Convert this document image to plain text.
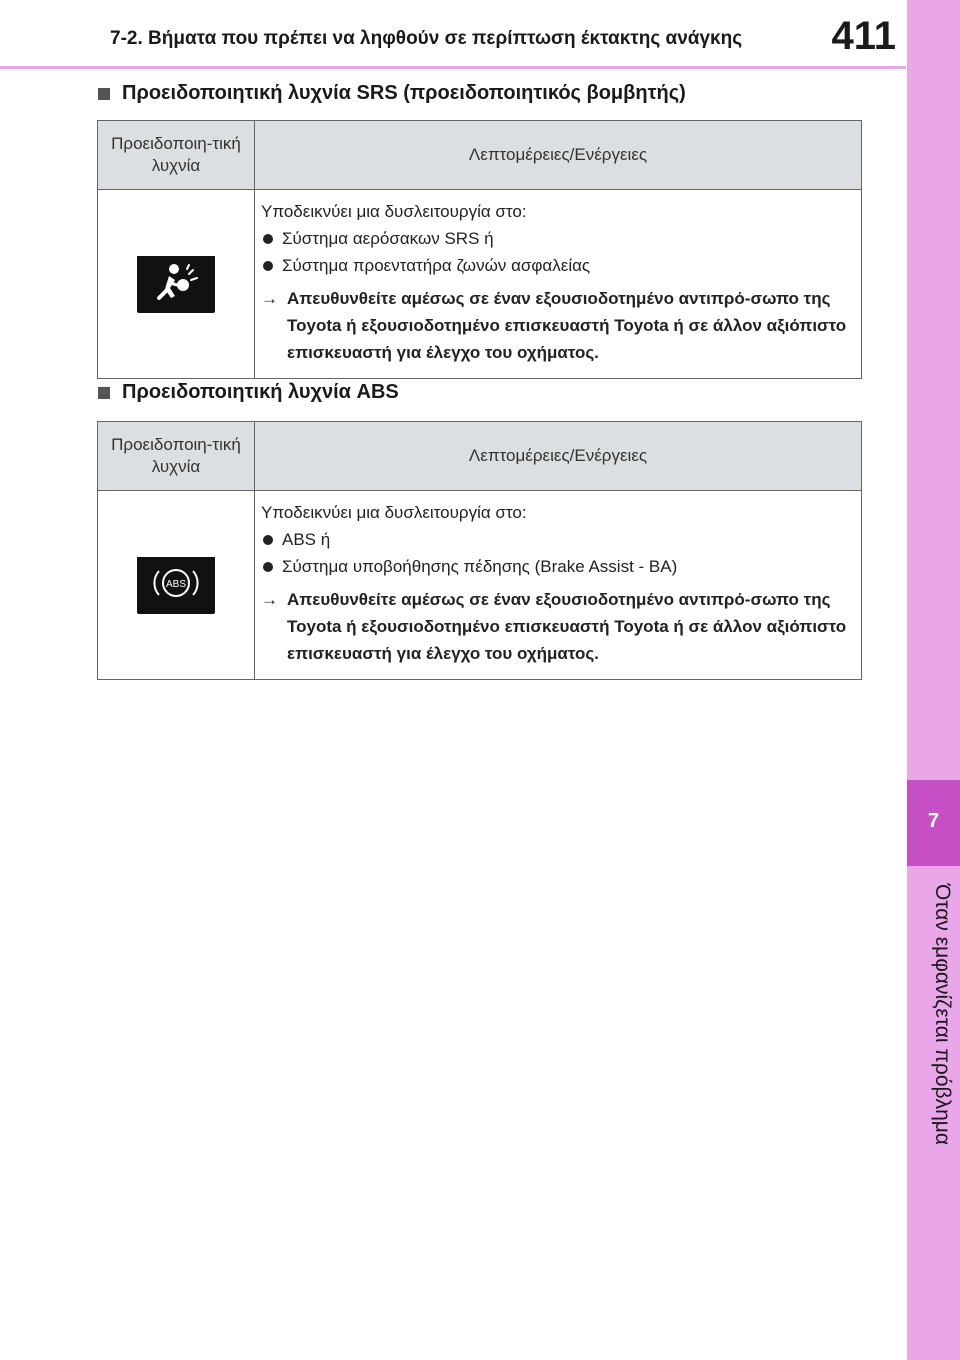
7-2. Βήματα που πρέπει να ληφθούν σε περίπτωση έκτακτης ανάγκης 411
7
Όταν εμφανίζεται πρόβλημα
Προειδοποιητική λυχνία SRS (προειδοποιητικός βομβητής)
Προειδοποιη-τική λυχνία	Λεπτομέρειες/Ενέργειες

Υποδεικνύει μια δυσλειτουργία στο:
Σύστημα αερόσακων SRS ή
Σύστημα προεντατήρα ζωνών ασφαλείας
→ Απευθυνθείτε αμέσως σε έναν εξουσιοδοτημένο αντιπρό-σωπο της Toyota ή εξουσιοδοτημένο επισκευαστή Toyota ή σε άλλον αξιόπιστο επισκευαστή για έλεγχο του οχήματος.
Προειδοποιητική λυχνία ABS
Προειδοποιη-τική λυχνία	Λεπτομέρειες/Ενέργειες

ABS	Υποδεικνύει μια δυσλειτουργία στο:
ABS ή
Σύστημα υποβοήθησης πέδησης (Brake Assist - BA)
→ Απευθυνθείτε αμέσως σε έναν εξουσιοδοτημένο αντιπρό-σωπο της Toyota ή εξουσιοδοτημένο επισκευαστή Toyota ή σε άλλον αξιόπιστο επισκευαστή για έλεγχο του οχήματος.
